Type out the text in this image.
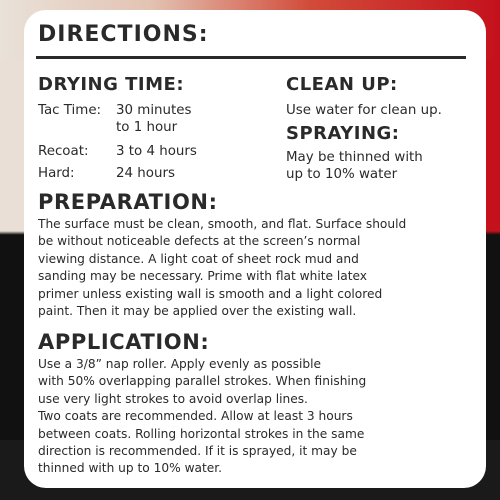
DIRECTIONS:
DRYING TIME:
Tac Time: 30 minutes
to 1 hour
Recoat: 3 to 4 hours
Hard:	24 hours
CLEAN UP:
Use water for clean up.
SPRAYING:
May be thinned with
up to 10% water
PREPARATION:
The surface must be clean, smooth, and flat. Surface should
be without noticeable defects at the screen’s normal
viewing distance. A light coat of sheet rock mud and
sanding may be necessary. Prime with flat white latex
primer unless existing wall is smooth and a light colored
paint. Then it may be applied over the existing wall.
APPLICATION:
Use a 3/8” nap roller. Apply evenly as possible
with 50% overlapping parallel strokes. When finishing
use very light strokes to avoid overlap lines.
Two coats are recommended. Allow at least 3 hours
between coats. Rolling horizontal strokes in the same
direction is recommended. If it is sprayed, it may be
thinned with up to 10% water.
